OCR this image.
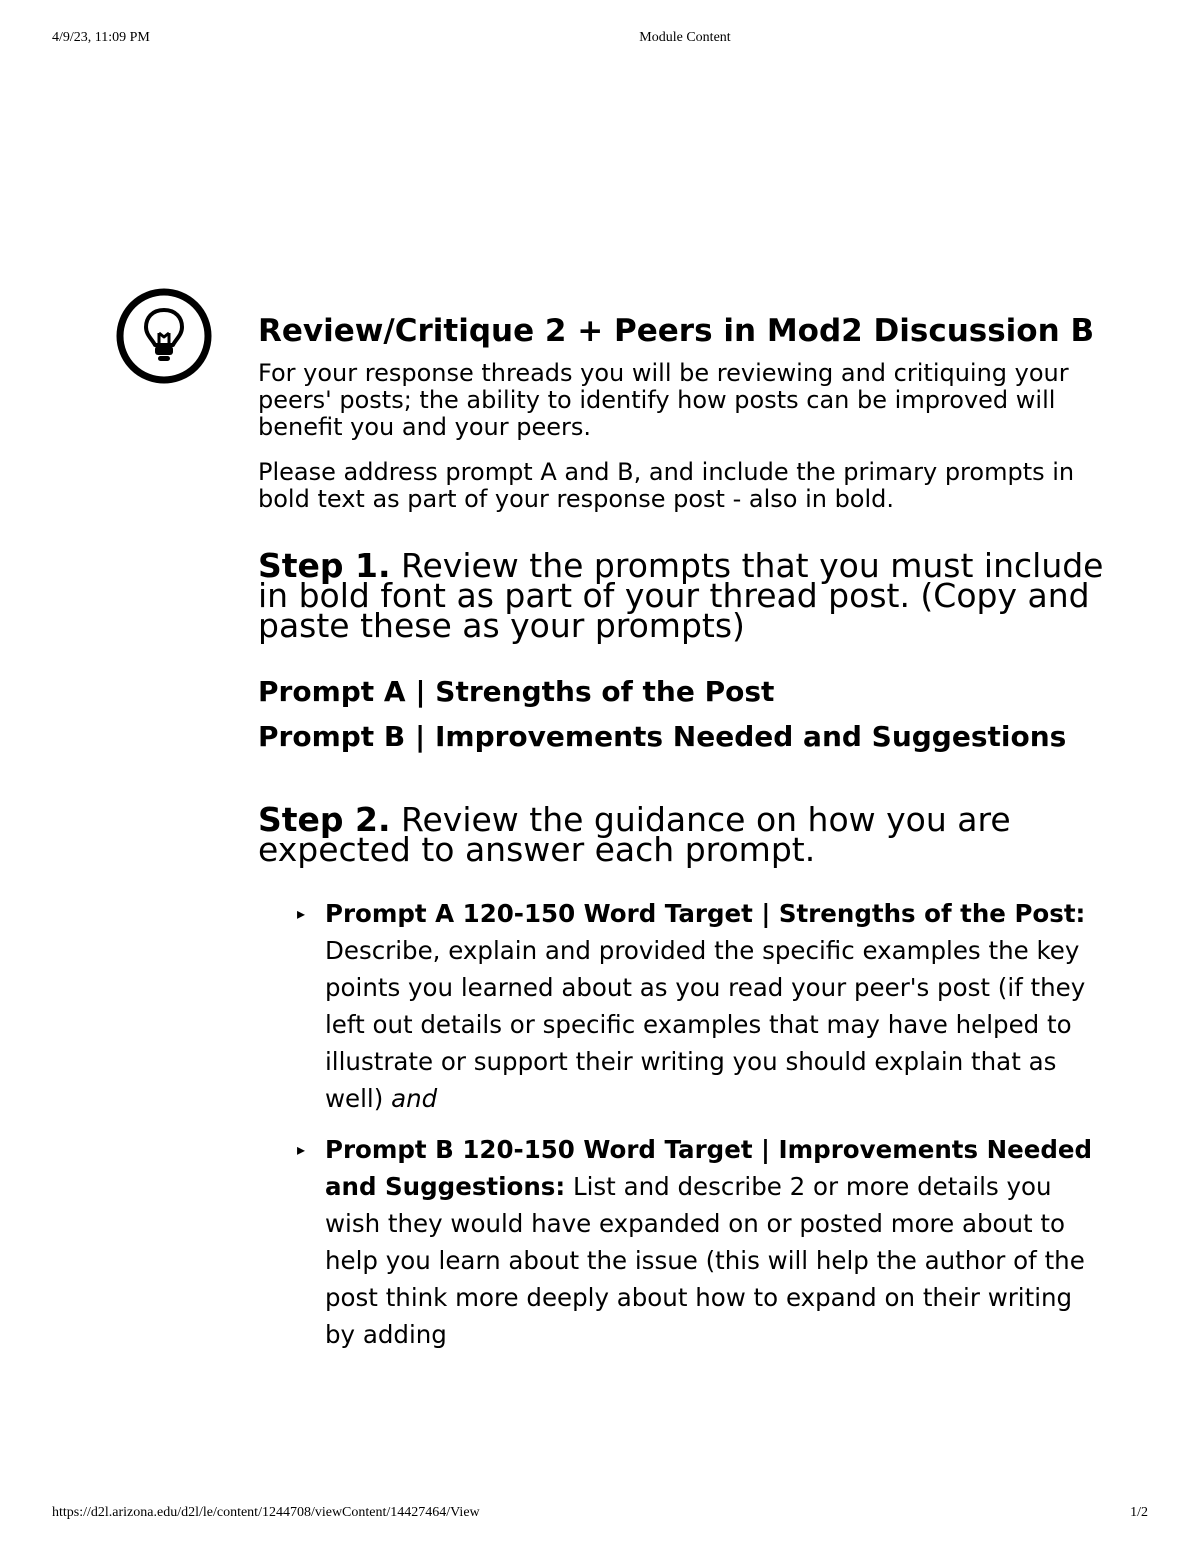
4/9/23, 11:09 PM	Module Content
Review/Critique 2 + Peers in Mod2 Discussion B

For your response threads you will be reviewing and critiquing your peers' posts; the ability to identify how posts can be improved will benefit you and your peers.

Please address prompt A and B, and include the primary prompts in bold text as part of your response post - also in bold.

Step 1. Review the prompts that you must include in bold font as part of your thread post. (Copy and paste these as your prompts)

Prompt A | Strengths of the Post

Prompt B | Improvements Needed and Suggestions

Step 2. Review the guidance on how you are expected to answer each prompt.

▸ Prompt A 120-150 Word Target | Strengths of the Post: Describe, explain and provided the specific examples the key points you learned about as you read your peer's post (if they left out details or specific examples that may have helped to illustrate or support their writing you should explain that as well) and
▸ Prompt B 120-150 Word Target | Improvements Needed and Suggestions: List and describe 2 or more details you wish they would have expanded on or posted more about to help you learn about the issue (this will help the author of the post think more deeply about how to expand on their writing by adding
https://d2l.arizona.edu/d2l/le/content/1244708/viewContent/14427464/View	1/2
